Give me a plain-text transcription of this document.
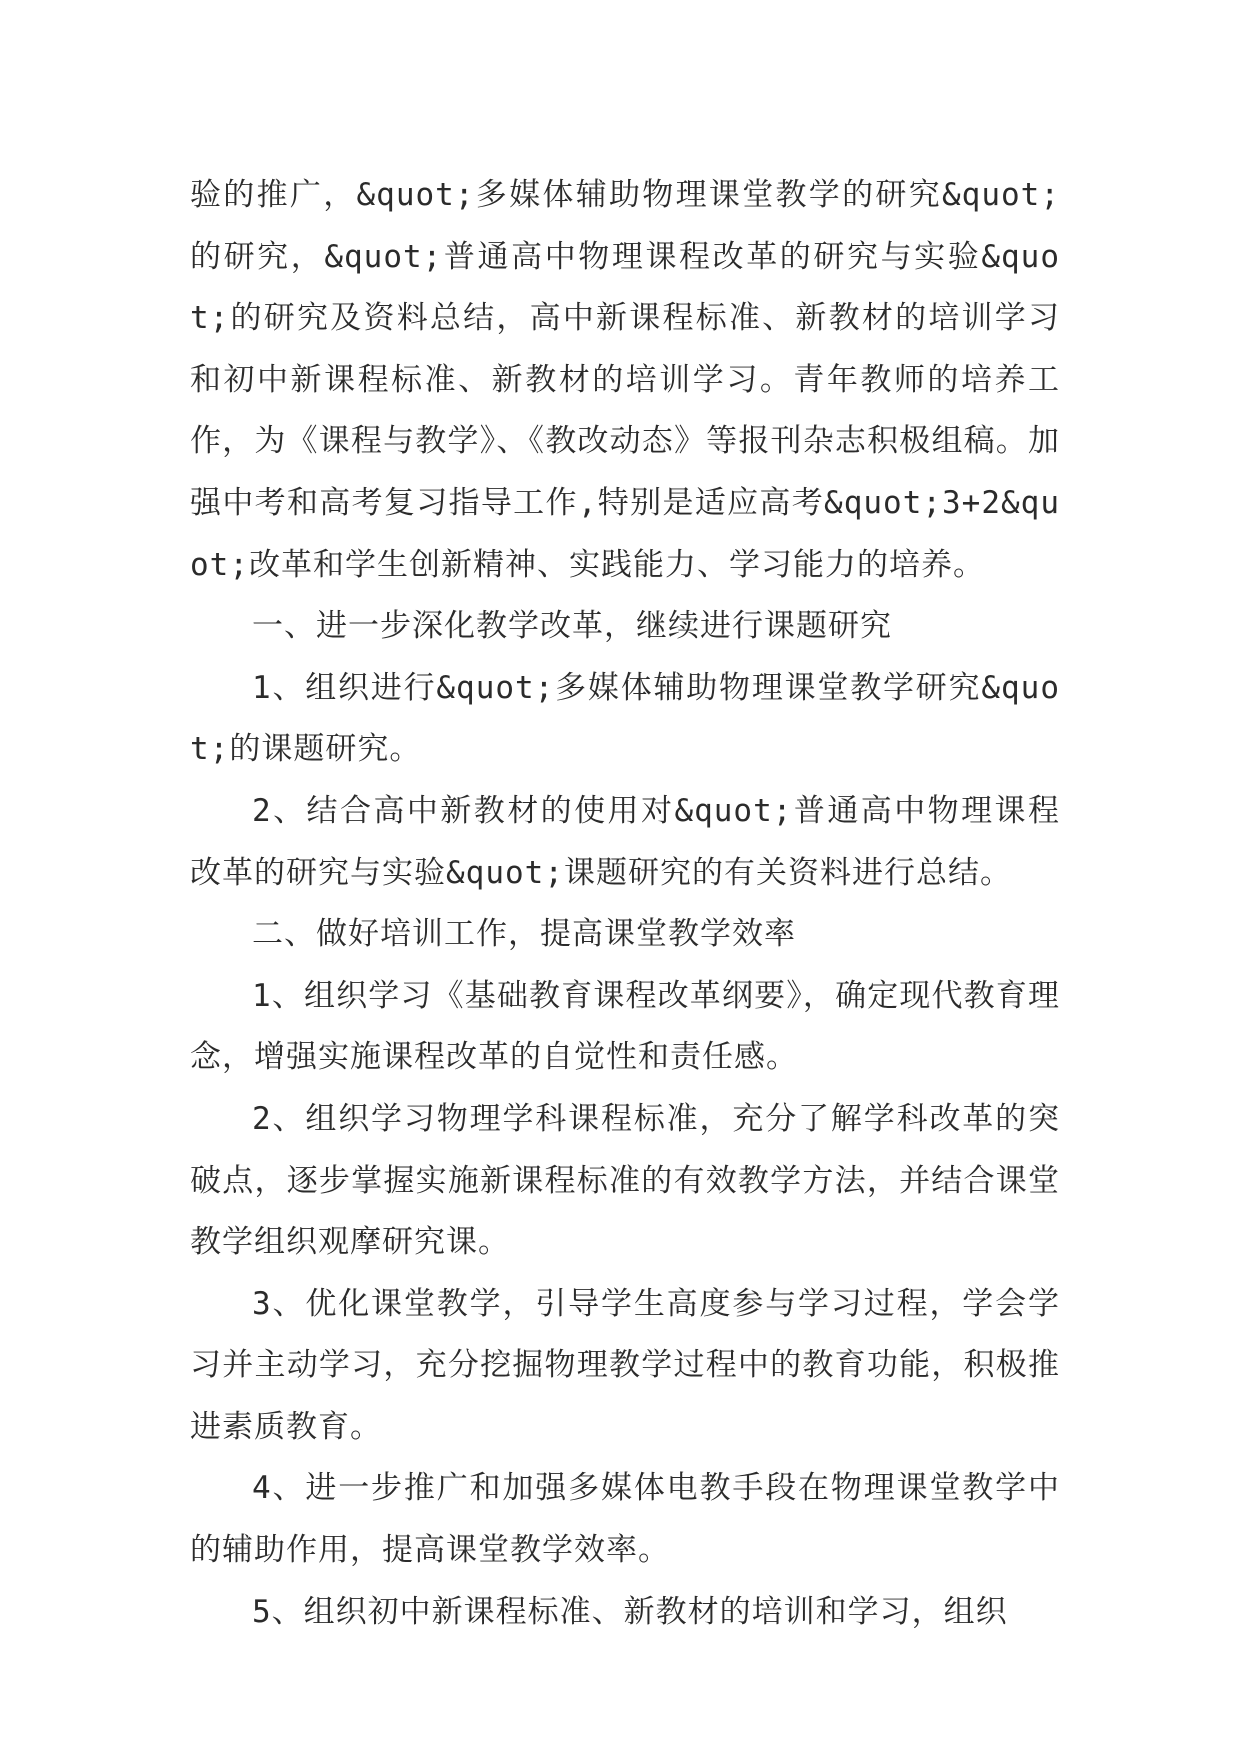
验的推广，&quot;多媒体辅助物理课堂教学的研究&quot;的研究，&quot;普通高中物理课程改革的研究与实验&quot;的研究及资料总结，高中新课程标准、新教材的培训学习和初中新课程标准、新教材的培训学习。青年教师的培养工作，为《课程与教学》、《教改动态》等报刊杂志积极组稿。加强中考和高考复习指导工作,特别是适应高考&quot;3+2&quot;改革和学生创新精神、实践能力、学习能力的培养。

一、进一步深化教学改革，继续进行课题研究

1、组织进行&quot;多媒体辅助物理课堂教学研究&quot;的课题研究。

2、结合高中新教材的使用对&quot;普通高中物理课程改革的研究与实验&quot;课题研究的有关资料进行总结。

二、做好培训工作，提高课堂教学效率

1、组织学习《基础教育课程改革纲要》，确定现代教育理念，增强实施课程改革的自觉性和责任感。

2、组织学习物理学科课程标准，充分了解学科改革的突破点，逐步掌握实施新课程标准的有效教学方法，并结合课堂教学组织观摩研究课。

3、优化课堂教学，引导学生高度参与学习过程，学会学习并主动学习，充分挖掘物理教学过程中的教育功能，积极推进素质教育。

4、进一步推广和加强多媒体电教手段在物理课堂教学中的辅助作用，提高课堂教学效率。

5、组织初中新课程标准、新教材的培训和学习，组织
